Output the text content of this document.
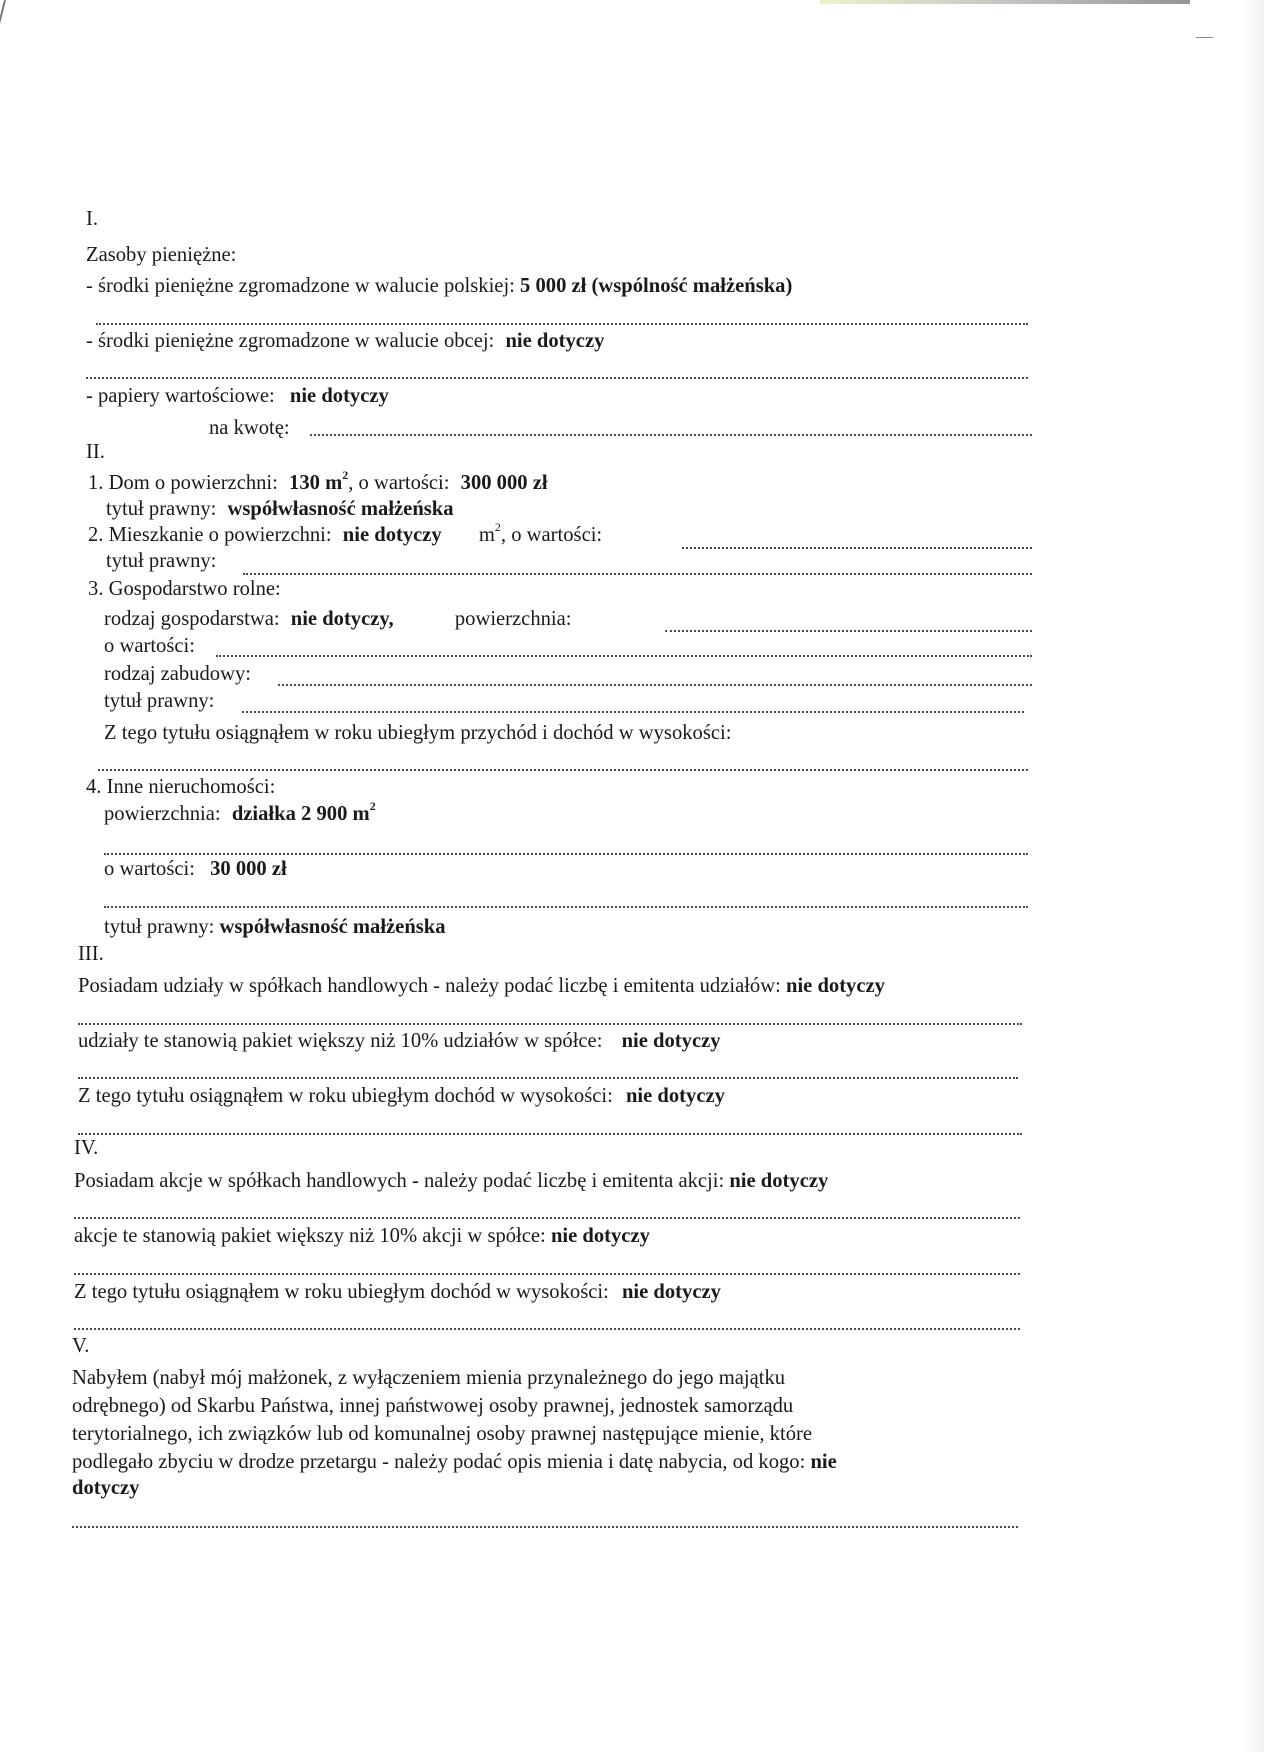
I.
Zasoby pieniężne:
- środki pieniężne zgromadzone w walucie polskiej: 5 000 zł (wspólność małżeńska)
- środki pieniężne zgromadzone w walucie obcej: nie dotyczy
- papiery wartościowe: nie dotyczy
na kwotę:
II.
1. Dom o powierzchni: 130 $m^2$, o wartości: 300 000 zł
tytuł prawny: współwłasność małżeńska
2. Mieszkanie o powierzchni: nie dotyczy $m^2$, o wartości:
tytuł prawny:
3. Gospodarstwo rolne:
rodzaj gospodarstwa: nie dotyczy,	powierzchnia:
o wartości:
rodzaj zabudowy:
tytuł prawny:
Z tego tytułu osiągnąłem w roku ubiegłym przychód i dochód w wysokości:
4. Inne nieruchomości:
powierzchnia: działka 2 900 $m^2$
o wartości: 30 000 zł
tytuł prawny: współwłasność małżeńska
III.
Posiadam udziały w spółkach handlowych - należy podać liczbę i emitenta udziałów: nie dotyczy
udziały te stanowią pakiet większy niż 10% udziałów w spółce: nie dotyczy
Z tego tytułu osiągnąłem w roku ubiegłym dochód w wysokości: nie dotyczy
IV.
Posiadam akcje w spółkach handlowych - należy podać liczbę i emitenta akcji: nie dotyczy
akcje te stanowią pakiet większy niż 10% akcji w spółce: nie dotyczy
Z tego tytułu osiągnąłem w roku ubiegłym dochód w wysokości: nie dotyczy
V.
Nabyłem (nabył mój małżonek, z wyłączeniem mienia przynależnego do jego majątku
odrębnego) od Skarbu Państwa, innej państwowej osoby prawnej, jednostek samorządu
terytorialnego, ich związków lub od komunalnej osoby prawnej następujące mienie, które
podlegało zbyciu w drodze przetargu - należy podać opis mienia i datę nabycia, od kogo: nie
dotyczy
